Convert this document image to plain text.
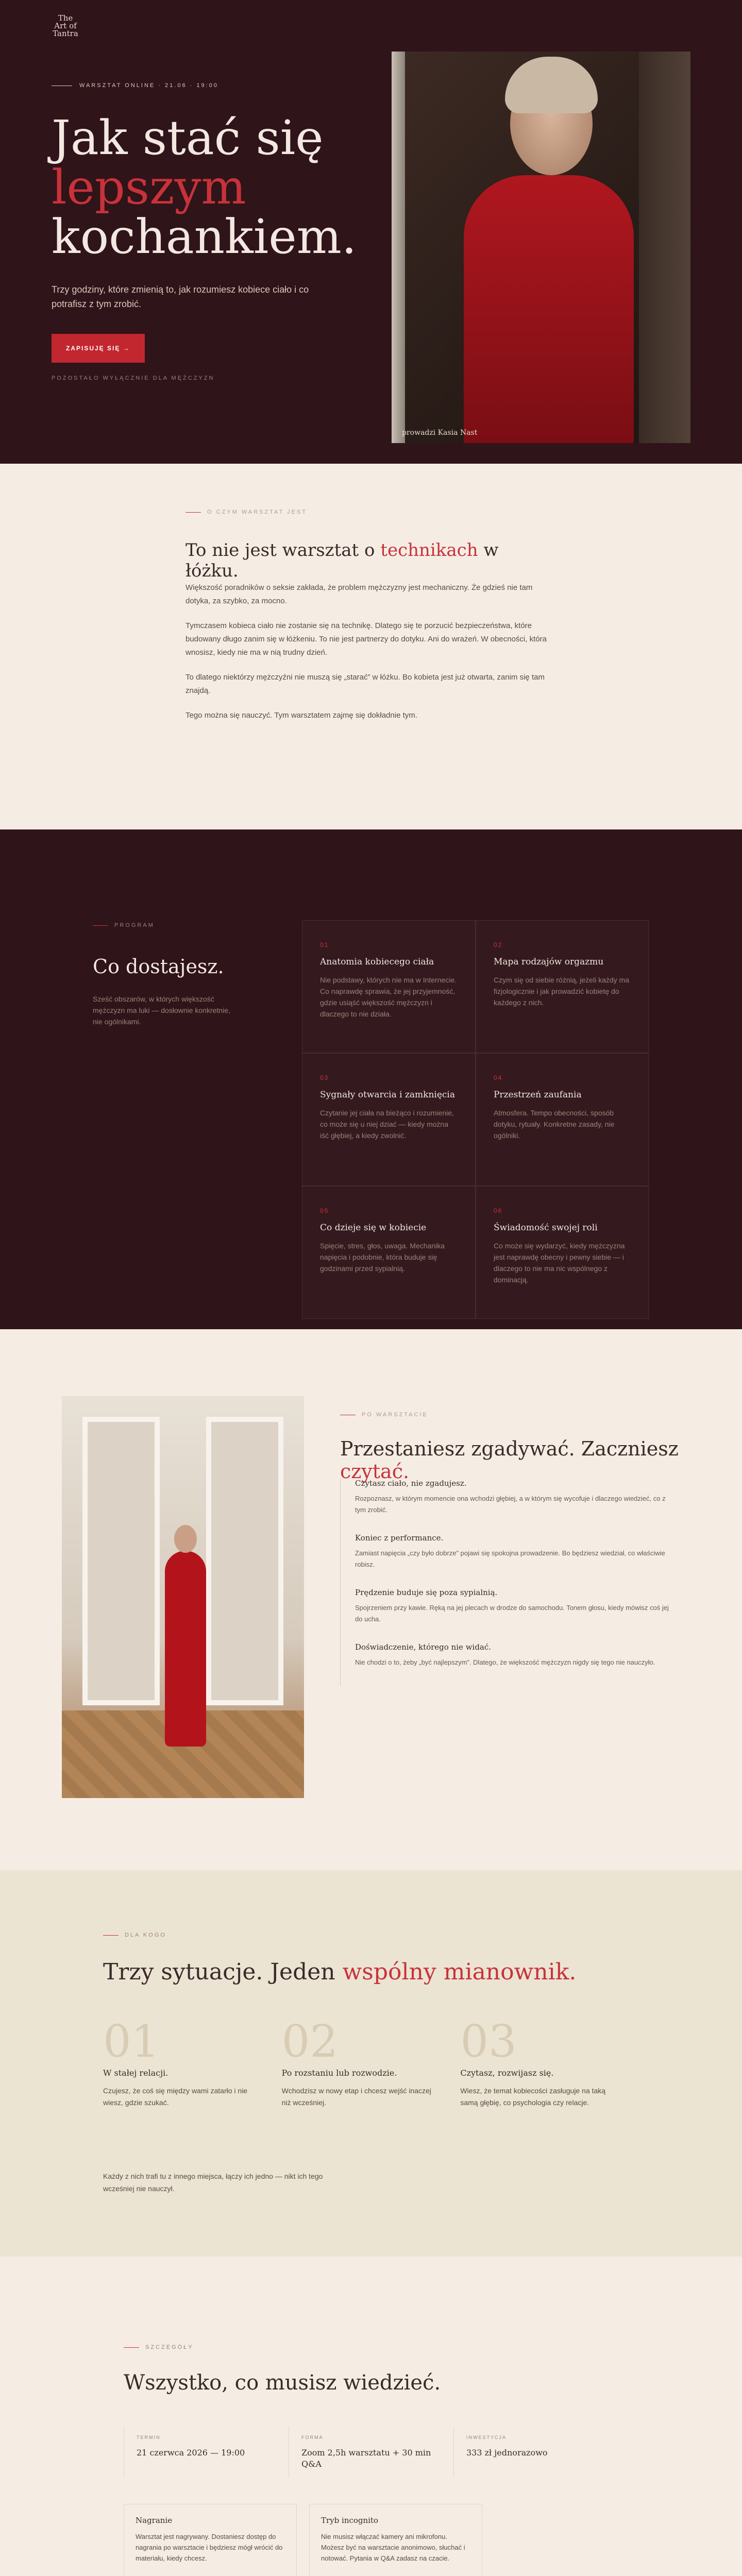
The Art of Tantra
WARSZTAT ONLINE · 21.06 · 19:00
Jak stać się
lepszym
kochankiem.

Trzy godziny, które zmienią to, jak rozumiesz kobiece ciało i co potrafisz z tym zrobić.

ZAPISUJĘ SIĘ →
POZOSTAŁO WYŁĄCZNIE DLA MĘŻCZYZN
prowadzi Kasia Nast
O CZYM WARSZTAT JEST
To nie jest warsztat o technikach w łóżku.

Większość poradników o seksie zakłada, że problem mężczyzny jest mechaniczny. Że gdzieś nie tam dotyka, za szybko, za mocno.

Tymczasem kobieca ciało nie zostanie się na technikę. Dlatego się te porzucić bezpieczeństwa, które budowany długo zanim się w łóżkeniu. To nie jest partnerzy do dotyku. Ani do wrażeń. W obecności, która wnosisz, kiedy nie ma w nią trudny dzień.

To dlatego niektórzy mężczyźni nie muszą się „starać” w łóżku. Bo kobieta jest już otwarta, zanim się tam znajdą.

Tego można się nauczyć. Tym warsztatem zajmę się dokładnie tym.

PROGRAM
Co dostajesz.

Sześć obszarów, w których większość mężczyzn ma luki — dosłownie konkretnie, nie ogólnikami.

01
Anatomia kobiecego ciała
Nie podstawy, których nie ma w Internecie. Co naprawdę sprawia, że jej przyjemność, gdzie usiąść większość mężczyzn i dlaczego to nie działa.
02
Mapa rodzajów orgazmu
Czym się od siebie różnią, jeżeli każdy ma fizjologicznie i jak prowadzić kobietę do każdego z nich.
03
Sygnały otwarcia i zamknięcia
Czytanie jej ciała na bieżąco i rozumienie, co może się u niej dziać — kiedy można iść głębiej, a kiedy zwolnić.
04
Przestrzeń zaufania
Atmosfera. Tempo obecności, sposób dotyku, rytuały. Konkretne zasady, nie ogólniki.
05
Co dzieje się w kobiecie
Spięcie, stres, głos, uwaga. Mechanika napięcia i podobnie, która buduje się godzinami przed sypialnią.
06
Świadomość swojej roli
Co może się wydarzyć, kiedy mężczyzna jest naprawdę obecny i pewny siebie — i dlaczego to nie ma nic wspólnego z dominacją.
PO WARSZTACIE
Przestaniesz zgadywać. Zaczniesz czytać.
Czytasz ciało, nie zgadujesz.
Rozpoznasz, w którym momencie ona wchodzi głębiej, a w którym się wycofuje i dlaczego wiedzieć, co z tym zrobić.
Koniec z performance.
Zamiast napięcia „czy było dobrze” pojawi się spokojna prowadzenie. Bo będziesz wiedział, co właściwie robisz.
Prędzenie buduje się poza sypialnią.
Spojrzeniem przy kawie. Ręką na jej plecach w drodze do samochodu. Tonem głosu, kiedy mówisz coś jej do ucha.
Doświadczenie, którego nie widać.
Nie chodzi o to, żeby „być najlepszym”. Dlatego, że większość mężczyzn nigdy się tego nie nauczyło.
DLA KOGO
Trzy sytuacje. Jeden wspólny mianownik.
01
W stałej relacji.
Czujesz, że coś się między wami zatarło i nie wiesz, gdzie szukać.
02
Po rozstaniu lub rozwodzie.
Wchodzisz w nowy etap i chcesz wejść inaczej niż wcześniej.
03
Czytasz, rozwijasz się.
Wiesz, że temat kobiecości zasługuje na taką samą głębię, co psychologia czy relacje.

Każdy z nich trafi tu z innego miejsca, łączy ich jedno — nikt ich tego wcześniej nie nauczył.

SZCZEGÓŁY
Wszystko, co musisz wiedzieć.
TERMIN
21 czerwca 2026 — 19:00
FORMA
Zoom 2,5h warsztatu + 30 min Q&A
INWESTYCJA
333 zł jednorazowo
Nagranie
Warsztat jest nagrywany. Dostaniesz dostęp do nagrania po warsztacie i będziesz mógł wrócić do materiału, kiedy chcesz.
Tryb incognito
Nie musisz włączać kamery ani mikrofonu. Możesz być na warsztacie anonimowo, słuchać i notować. Pytania w Q&A zadasz na czacie.
